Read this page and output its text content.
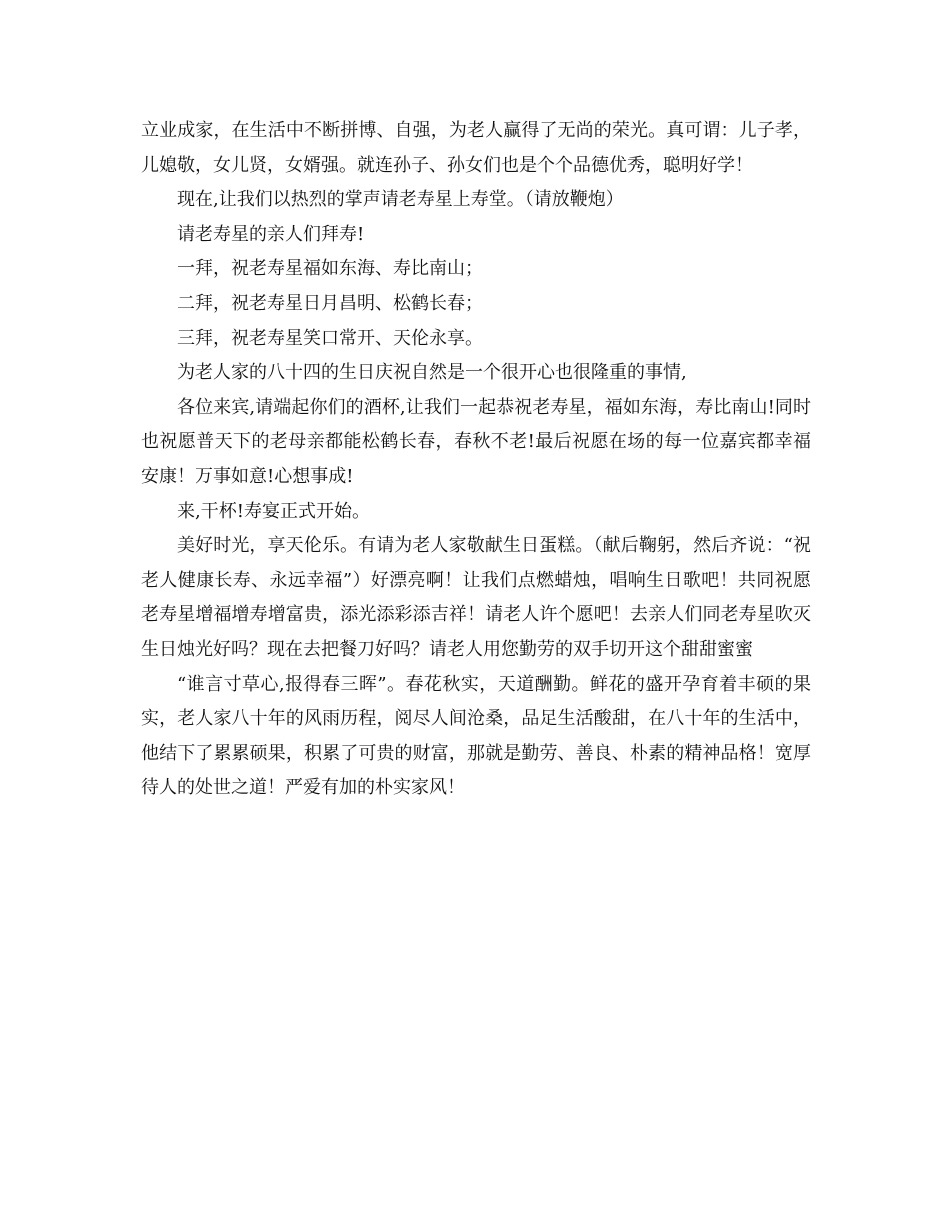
立业成家，在生活中不断拼博、自强，为老人赢得了无尚的荣光。真可谓：儿子孝，儿媳敬，女儿贤，女婿强。就连孙子、孙女们也是个个品德优秀，聪明好学！

现在,让我们以热烈的掌声请老寿星上寿堂。（请放鞭炮）

请老寿星的亲人们拜寿!

一拜，祝老寿星福如东海、寿比南山；

二拜，祝老寿星日月昌明、松鹤长春；

三拜，祝老寿星笑口常开、天伦永享。

为老人家的八十四的生日庆祝自然是一个很开心也很隆重的事情,

各位来宾,请端起你们的酒杯,让我们一起恭祝老寿星，福如东海，寿比南山!同时也祝愿普天下的老母亲都能松鹤长春，春秋不老!最后祝愿在场的每一位嘉宾都幸福安康！万事如意!心想事成!

来,干杯!寿宴正式开始。

美好时光，享天伦乐。有请为老人家敬献生日蛋糕。（献后鞠躬，然后齐说：“祝老人健康长寿、永远幸福”）好漂亮啊！让我们点燃蜡烛，唱响生日歌吧！共同祝愿老寿星增福增寿增富贵，添光添彩添吉祥！请老人许个愿吧！去亲人们同老寿星吹灭生日烛光好吗？现在去把餐刀好吗？请老人用您勤劳的双手切开这个甜甜蜜蜜

“谁言寸草心,报得春三晖”。春花秋实，天道酬勤。鲜花的盛开孕育着丰硕的果实，老人家八十年的风雨历程，阅尽人间沧桑，品足生活酸甜，在八十年的生活中，他结下了累累硕果，积累了可贵的财富，那就是勤劳、善良、朴素的精神品格！宽厚待人的处世之道！严爱有加的朴实家风！
